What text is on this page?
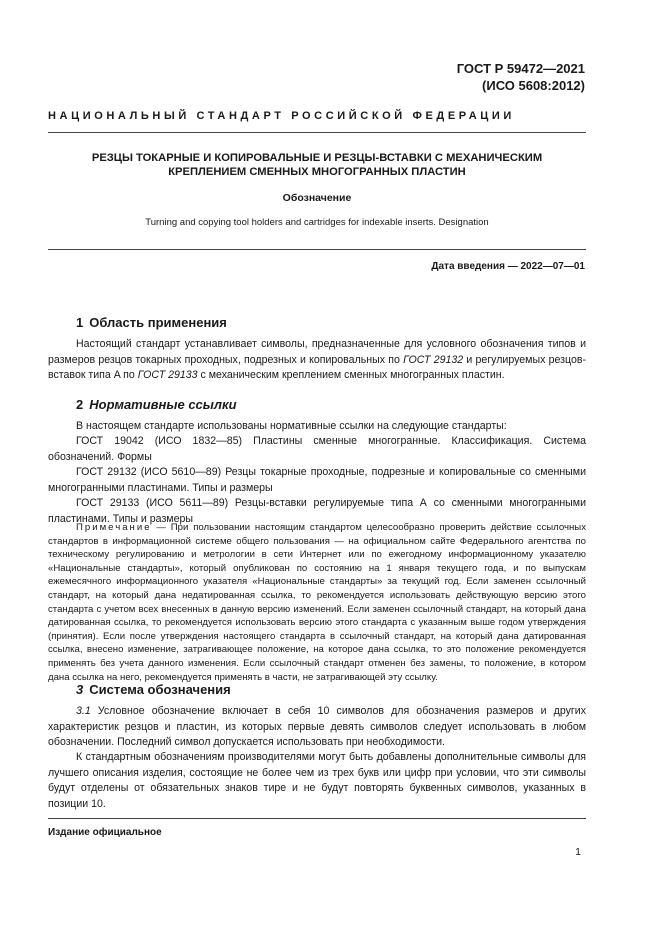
ГОСТ Р 59472—2021
(ИСО 5608:2012)
НАЦИОНАЛЬНЫЙ СТАНДАРТ РОССИЙСКОЙ ФЕДЕРАЦИИ
РЕЗЦЫ ТОКАРНЫЕ И КОПИРОВАЛЬНЫЕ И РЕЗЦЫ-ВСТАВКИ С МЕХАНИЧЕСКИМ
КРЕПЛЕНИЕМ СМЕННЫХ МНОГОГРАННЫХ ПЛАСТИН
Обозначение
Turning and copying tool holders and cartridges for indexable inserts. Designation
Дата введения — 2022—07—01
1 Область применения
Настоящий стандарт устанавливает символы, предназначенные для условного обозначения типов и размеров резцов токарных проходных, подрезных и копировальных по ГОСТ 29132 и регулируемых резцов-вставок типа A по ГОСТ 29133 с механическим креплением сменных многогранных пластин.
2 Нормативные ссылки
В настоящем стандарте использованы нормативные ссылки на следующие стандарты:
ГОСТ 19042 (ИСО 1832—85) Пластины сменные многогранные. Классификация. Система обозначений. Формы
ГОСТ 29132 (ИСО 5610—89) Резцы токарные проходные, подрезные и копировальные со сменными многогранными пластинами. Типы и размеры
ГОСТ 29133 (ИСО 5611—89) Резцы-вставки регулируемые типа А со сменными многогранными пластинами. Типы и размеры
Примечание — При пользовании настоящим стандартом целесообразно проверить действие ссылочных стандартов в информационной системе общего пользования — на официальном сайте Федерального агентства по техническому регулированию и метрологии в сети Интернет или по ежегодному информационному указателю «Национальные стандарты», который опубликован по состоянию на 1 января текущего года, и по выпускам ежемесячного информационного указателя «Национальные стандарты» за текущий год. Если заменен ссылочный стандарт, на который дана недатированная ссылка, то рекомендуется использовать действующую версию этого стандарта с учетом всех внесенных в данную версию изменений. Если заменен ссылочный стандарт, на который дана датированная ссылка, то рекомендуется использовать версию этого стандарта с указанным выше годом утверждения (принятия). Если после утверждения настоящего стандарта в ссылочный стандарт, на который дана датированная ссылка, внесено изменение, затрагивающее положение, на которое дана ссылка, то это положение рекомендуется применять без учета данного изменения. Если ссылочный стандарт отменен без замены, то положение, в котором дана ссылка на него, рекомендуется применять в части, не затрагивающей эту ссылку.
3 Система обозначения
3.1 Условное обозначение включает в себя 10 символов для обозначения размеров и других характеристик резцов и пластин, из которых первые девять символов следует использовать в любом обозначении. Последний символ допускается использовать при необходимости.
К стандартным обозначениям производителями могут быть добавлены дополнительные символы для лучшего описания изделия, состоящие не более чем из трех букв или цифр при условии, что эти символы будут отделены от обязательных знаков тире и не будут повторять буквенных символов, указанных в позиции 10.
Издание официальное
1
